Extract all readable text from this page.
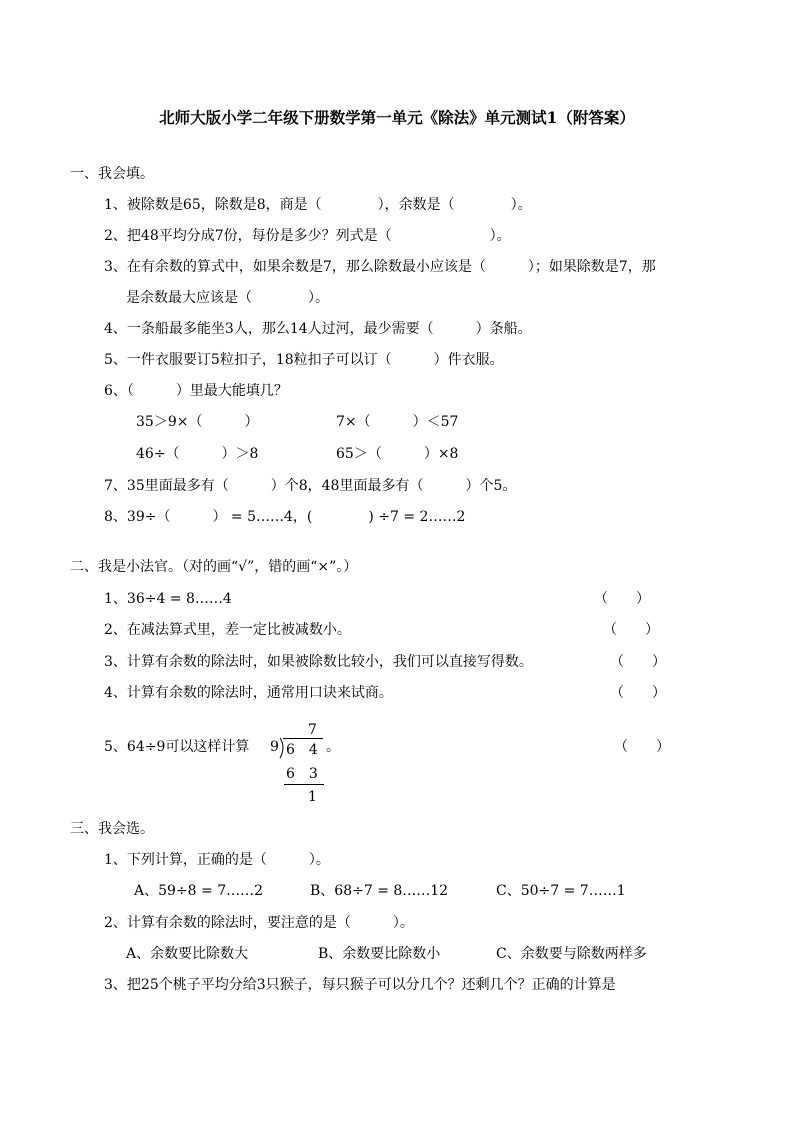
北师大版小学二年级下册数学第一单元《除法》单元测试1（附答案）
一、我会填。
1、被除数是65，除数是8，商是（　　　　），余数是（　　　　）。
2、把48平均分成7份，每份是多少？列式是（　　　　　　　）。
3、在有余数的算式中，如果余数是7，那么除数最小应该是（　　　）；如果除数是7，那
是余数最大应该是（　　　　）。
4、一条船最多能坐3人，那么14人过河，最少需要（　　　）条船。
5、一件衣服要订5粒扣子，18粒扣子可以订（　　　）件衣服。
6、（　　　）里最大能填几？
35＞9×（　　　）	7×（　　　）＜57
46÷（　　　）＞8	65＞（　　　）×8
7、35里面最多有（　　　）个8，48里面最多有（　　　）个5。
8、39÷（　　　） = 5……4，(　　　　) ÷7 = 2……2
二、我是小法官。（对的画“√”，错的画“×”。）
1、36÷4 = 8……4	（　　）
2、在减法算式里，差一定比被减数小。	（　　）
3、计算有余数的除法时，如果被除数比较小，我们可以直接写得数。	（　　）
4、计算有余数的除法时，通常用口诀来试商。	（　　）
5、64÷9可以这样计算
7
9 6　4
6　3
1
。	（　　）
三、我会选。
1、下列计算，正确的是（　　　）。
A、59÷8 = 7……2	B、68÷7 = 8……12	C、50÷7 = 7……1
2、计算有余数的除法时，要注意的是（　　　）。
A、余数要比除数大	B、余数要比除数小	C、余数要与除数两样多
3、把25个桃子平均分给3只猴子，每只猴子可以分几个？还剩几个？正确的计算是
